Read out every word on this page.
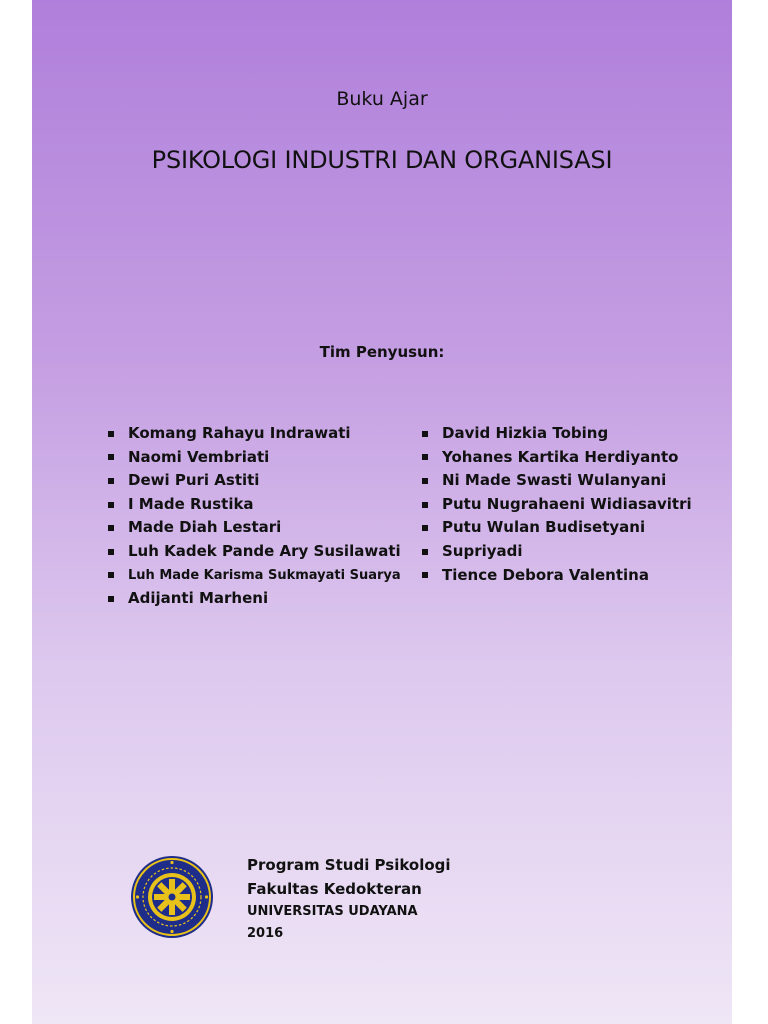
Buku Ajar
PSIKOLOGI INDUSTRI DAN ORGANISASI
Tim Penyusun:
Komang Rahayu Indrawati
Naomi Vembriati
Dewi Puri Astiti
I Made Rustika
Made Diah Lestari
Luh Kadek Pande Ary Susilawati
Luh Made Karisma Sukmayati Suarya
Adijanti Marheni
David Hizkia Tobing
Yohanes Kartika Herdiyanto
Ni Made Swasti Wulanyani
Putu Nugrahaeni Widiasavitri
Putu Wulan Budisetyani
Supriyadi
Tience Debora Valentina
Program Studi Psikologi
Fakultas Kedokteran
UNIVERSITAS UDAYANA
2016
